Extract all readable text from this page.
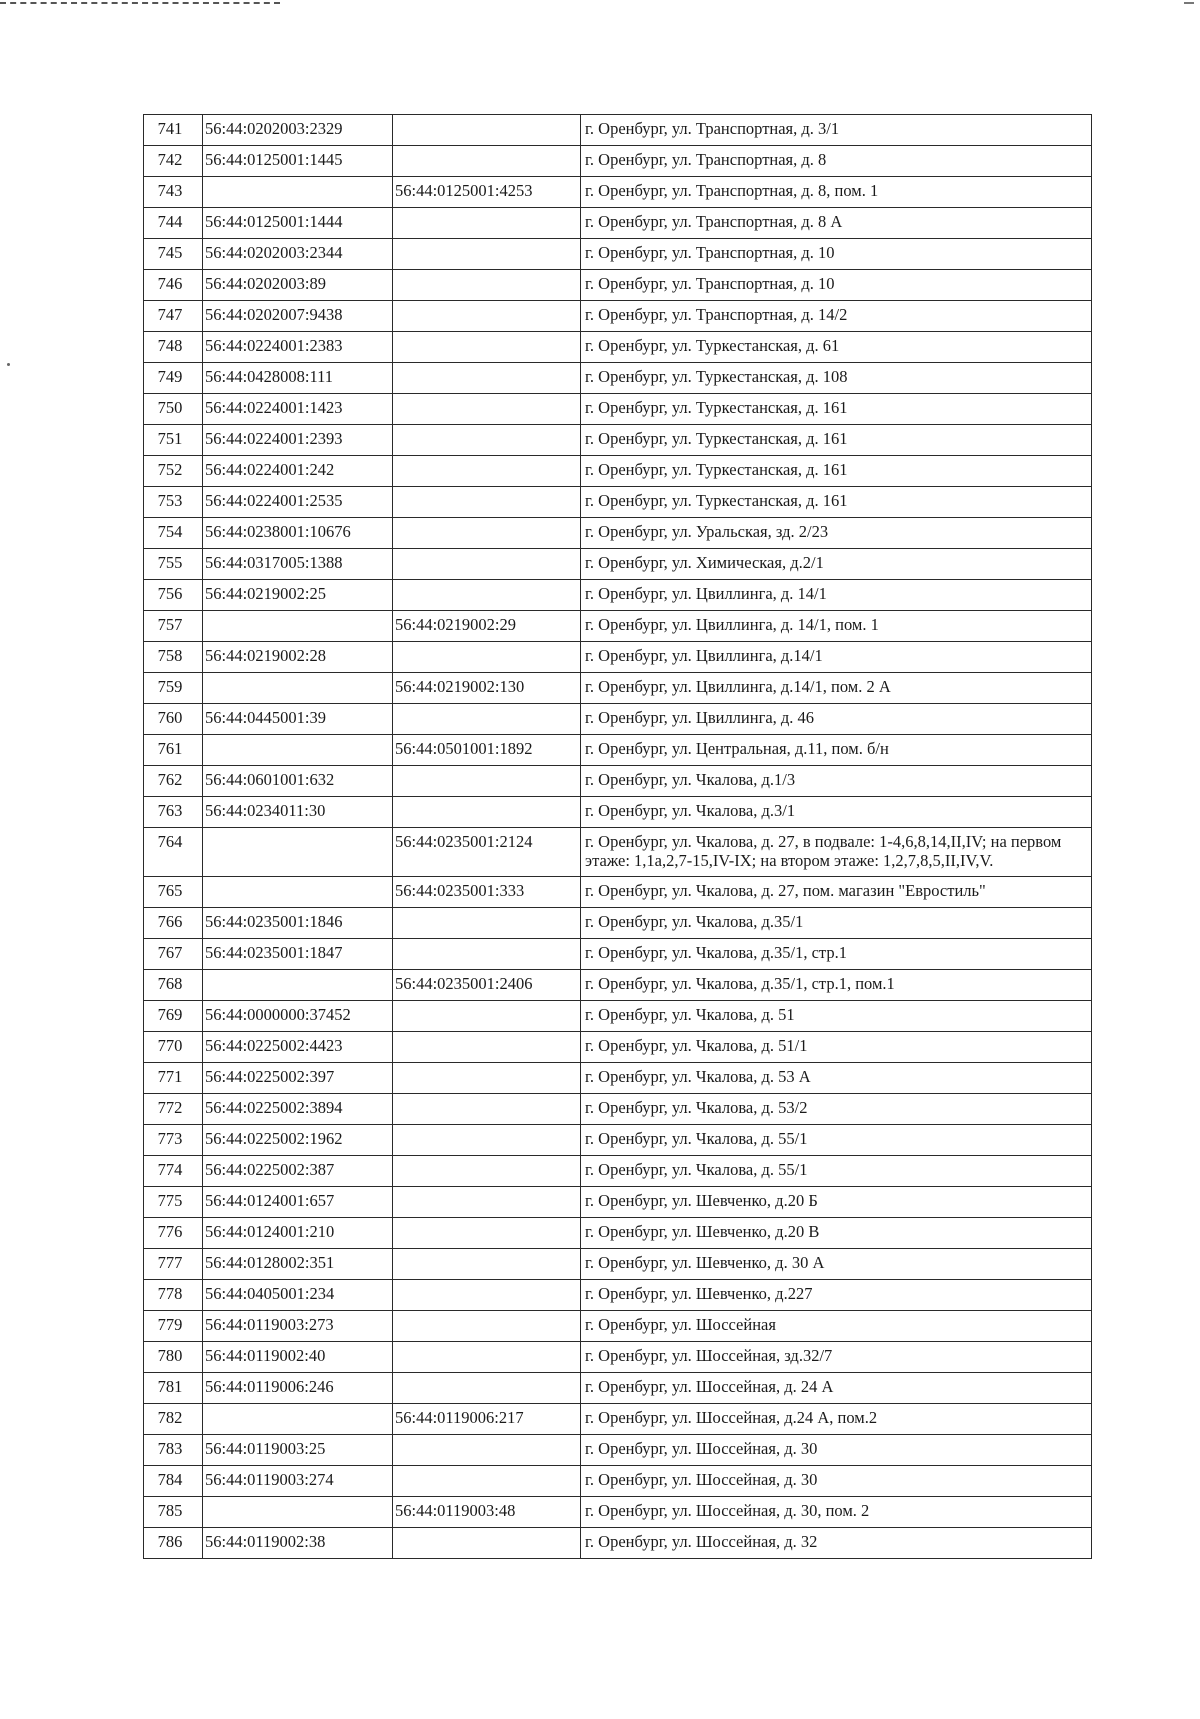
741	56:44:0202003:2329		г. Оренбург, ул. Транспортная, д. 3/1
742	56:44:0125001:1445		г. Оренбург, ул. Транспортная, д. 8
743		56:44:0125001:4253	г. Оренбург, ул. Транспортная, д. 8, пом. 1
744	56:44:0125001:1444		г. Оренбург, ул. Транспортная, д. 8 А
745	56:44:0202003:2344		г. Оренбург, ул. Транспортная, д. 10
746	56:44:0202003:89		г. Оренбург, ул. Транспортная, д. 10
747	56:44:0202007:9438		г. Оренбург, ул. Транспортная, д. 14/2
748	56:44:0224001:2383		г. Оренбург, ул. Туркестанская, д. 61
749	56:44:0428008:111		г. Оренбург, ул. Туркестанская, д. 108
750	56:44:0224001:1423		г. Оренбург, ул. Туркестанская, д. 161
751	56:44:0224001:2393		г. Оренбург, ул. Туркестанская, д. 161
752	56:44:0224001:242		г. Оренбург, ул. Туркестанская, д. 161
753	56:44:0224001:2535		г. Оренбург, ул. Туркестанская, д. 161
754	56:44:0238001:10676		г. Оренбург, ул. Уральская, зд. 2/23
755	56:44:0317005:1388		г. Оренбург, ул. Химическая, д.2/1
756	56:44:0219002:25		г. Оренбург, ул. Цвиллинга, д. 14/1
757		56:44:0219002:29	г. Оренбург, ул. Цвиллинга, д. 14/1, пом. 1
758	56:44:0219002:28		г. Оренбург, ул. Цвиллинга, д.14/1
759		56:44:0219002:130	г. Оренбург, ул. Цвиллинга, д.14/1, пом. 2 А
760	56:44:0445001:39		г. Оренбург, ул. Цвиллинга, д. 46
761		56:44:0501001:1892	г. Оренбург, ул. Центральная, д.11, пом. б/н
762	56:44:0601001:632		г. Оренбург, ул. Чкалова, д.1/3
763	56:44:0234011:30		г. Оренбург, ул. Чкалова, д.3/1
764		56:44:0235001:2124	г. Оренбург, ул. Чкалова, д. 27, в подвале: 1-4,6,8,14,II,IV; на первом этаже: 1,1а,2,7-15,IV-IX; на втором этаже: 1,2,7,8,5,II,IV,V.
765		56:44:0235001:333	г. Оренбург, ул. Чкалова, д. 27, пом. магазин "Евростиль"
766	56:44:0235001:1846		г. Оренбург, ул. Чкалова, д.35/1
767	56:44:0235001:1847		г. Оренбург, ул. Чкалова, д.35/1, стр.1
768		56:44:0235001:2406	г. Оренбург, ул. Чкалова, д.35/1, стр.1, пом.1
769	56:44:0000000:37452		г. Оренбург, ул. Чкалова, д. 51
770	56:44:0225002:4423		г. Оренбург, ул. Чкалова, д. 51/1
771	56:44:0225002:397		г. Оренбург, ул. Чкалова, д. 53 А
772	56:44:0225002:3894		г. Оренбург, ул. Чкалова, д. 53/2
773	56:44:0225002:1962		г. Оренбург, ул. Чкалова, д. 55/1
774	56:44:0225002:387		г. Оренбург, ул. Чкалова, д. 55/1
775	56:44:0124001:657		г. Оренбург, ул. Шевченко, д.20 Б
776	56:44:0124001:210		г. Оренбург, ул. Шевченко, д.20 В
777	56:44:0128002:351		г. Оренбург, ул. Шевченко, д. 30 А
778	56:44:0405001:234		г. Оренбург, ул. Шевченко, д.227
779	56:44:0119003:273		г. Оренбург, ул. Шоссейная
780	56:44:0119002:40		г. Оренбург, ул. Шоссейная, зд.32/7
781	56:44:0119006:246		г. Оренбург, ул. Шоссейная, д. 24 А
782		56:44:0119006:217	г. Оренбург, ул. Шоссейная, д.24 А, пом.2
783	56:44:0119003:25		г. Оренбург, ул. Шоссейная, д. 30
784	56:44:0119003:274		г. Оренбург, ул. Шоссейная, д. 30
785		56:44:0119003:48	г. Оренбург, ул. Шоссейная, д. 30, пом. 2
786	56:44:0119002:38		г. Оренбург, ул. Шоссейная, д. 32
